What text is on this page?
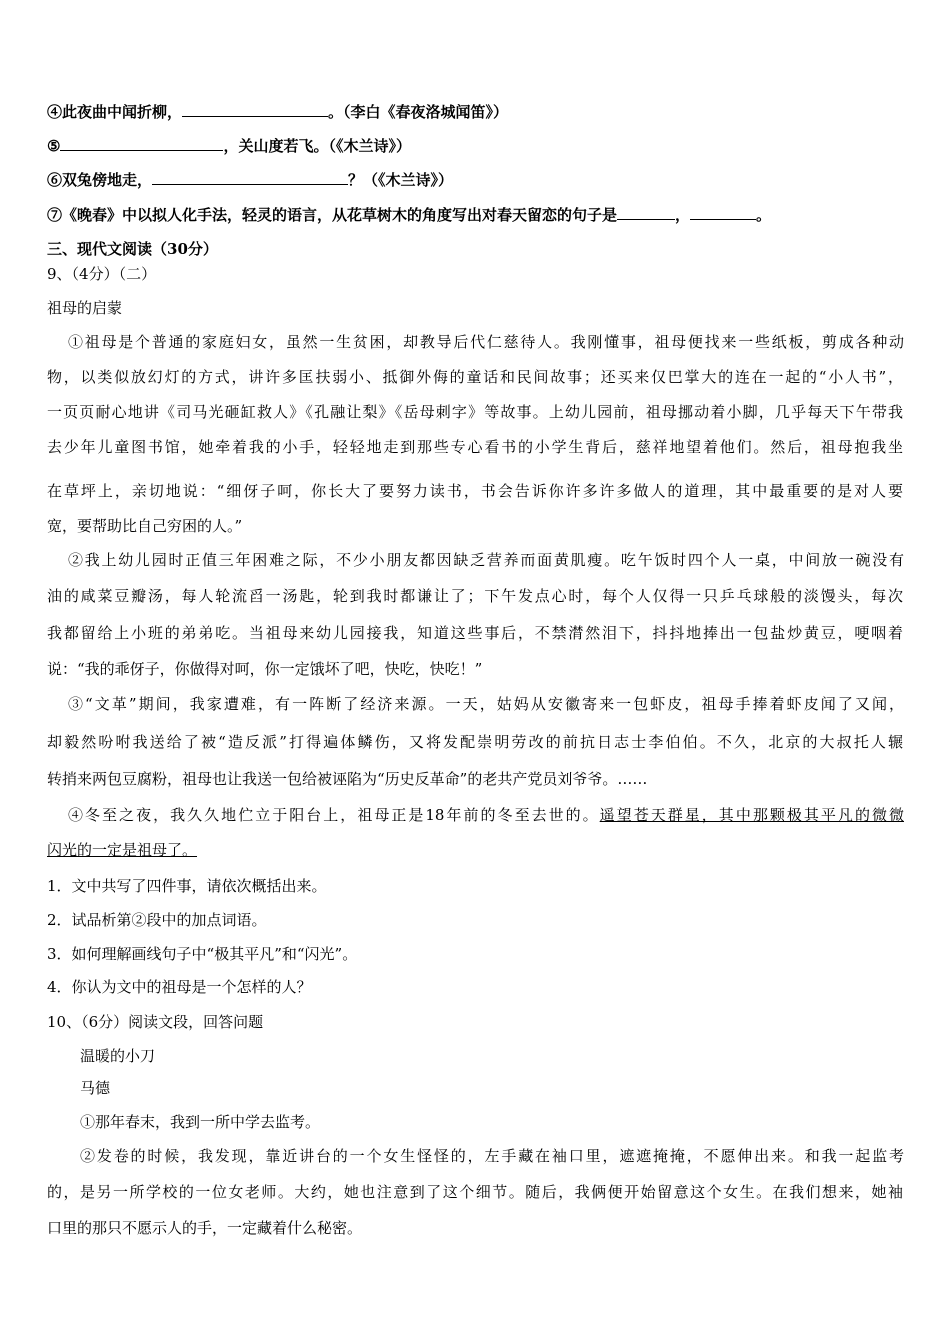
④此夜曲中闻折柳，	。（李白《春夜洛城闻笛》）
⑤	，关山度若飞。（《木兰诗》）
⑥双兔傍地走，	？（《木兰诗》）
⑦《晚春》中以拟人化手法，轻灵的语言，从花草树木的角度写出对春天留恋的句子是	，	。
三、现代文阅读（30分）
9、（4分）（二）
祖母的启蒙
①祖母是个普通的家庭妇女，虽然一生贫困，却教导后代仁慈待人。我刚懂事，祖母便找来一些纸板，剪成各种动
物，以类似放幻灯的方式，讲许多匡扶弱小、抵御外侮的童话和民间故事；还买来仅巴掌大的连在一起的“小人书”，
一页页耐心地讲《司马光砸缸救人》《孔融让梨》《岳母刺字》等故事。上幼儿园前，祖母挪动着小脚，几乎每天下午带我
去少年儿童图书馆，她牵着我的小手，轻轻地走到那些专心看书的小学生背后，慈祥地望着他们。然后，祖母抱我坐
在草坪上，亲切地说：“细伢子呵，你长大了要努力读书，书会告诉你许多许多做人的道理，其中最重要的是对人要
宽，要帮助比自己穷困的人。”
②我上幼儿园时正值三年困难之际，不少小朋友都因缺乏营养而面黄肌瘦。吃午饭时四个人一桌，中间放一碗没有
油的咸菜豆瓣汤，每人轮流舀一汤匙，轮到我时都谦让了；下午发点心时，每个人仅得一只乒乓球般的淡馒头，每次
我都留给上小班的弟弟吃。当祖母来幼儿园接我，知道这些事后，不禁潸然泪下，抖抖地捧出一包盐炒黄豆，哽咽着
说：“我的乖伢子，你做得对呵，你一定饿坏了吧，快吃，快吃！”
③“文革”期间，我家遭难，有一阵断了经济来源。一天，姑妈从安徽寄来一包虾皮，祖母手捧着虾皮闻了又闻，
却毅然吩咐我送给了被“造反派”打得遍体鳞伤，又将发配崇明劳改的前抗日志士李伯伯。不久，北京的大叔托人辗
转捎来两包豆腐粉，祖母也让我送一包给被诬陷为“历史反革命”的老共产党员刘爷爷。……
④冬至之夜，我久久地伫立于阳台上，祖母正是18年前的冬至去世的。遥望苍天群星，其中那颗极其平凡的微微
闪光的一定是祖母了。
1．文中共写了四件事，请依次概括出来。
2．试品析第②段中的加点词语。
3．如何理解画线句子中“极其平凡”和“闪光”。
4．你认为文中的祖母是一个怎样的人？
10、（6分）阅读文段，回答问题
温暖的小刀
马德
①那年春末，我到一所中学去监考。
②发卷的时候，我发现，靠近讲台的一个女生怪怪的，左手藏在袖口里，遮遮掩掩，不愿伸出来。和我一起监考
的，是另一所学校的一位女老师。大约，她也注意到了这个细节。随后，我俩便开始留意这个女生。在我们想来，她袖
口里的那只不愿示人的手，一定藏着什么秘密。
